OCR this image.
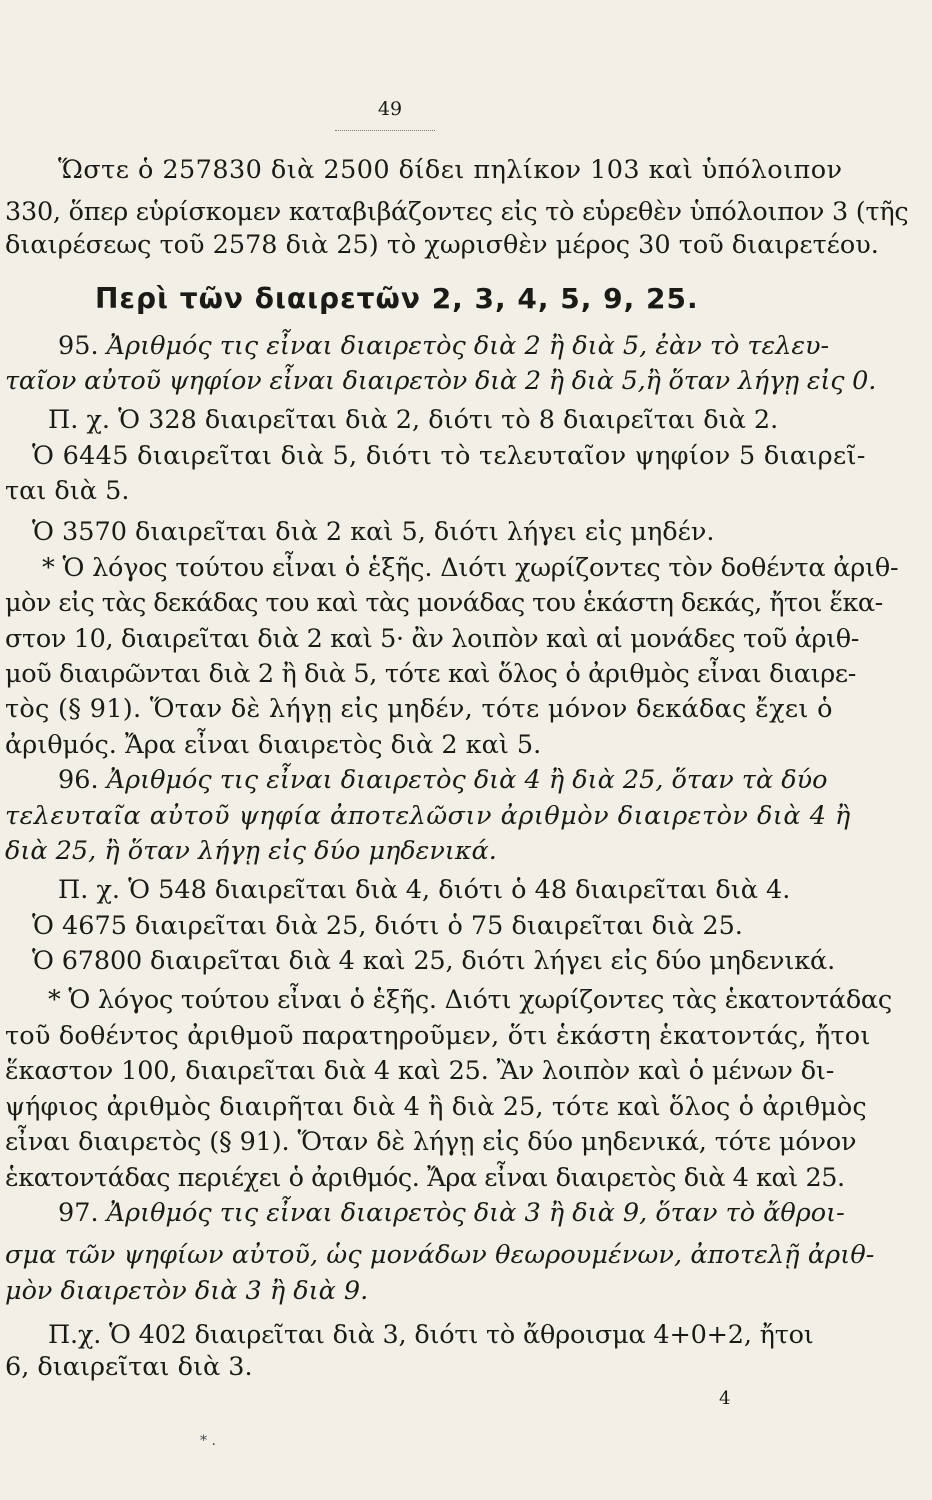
49
Ὥστε ὁ 257830 διὰ 2500 δίδει πηλίκον 103 καὶ ὑπόλοιπον
330, ὅπερ εὑρίσκομεν καταβιβάζοντες εἰς τὸ εὑρεθὲν ὑπόλοιπον 3 (τῆς
διαιρέσεως τοῦ 2578 διὰ 25) τὸ χωρισθὲν μέρος 30 τοῦ διαιρετέου.
Περὶ τῶν διαιρετῶν 2, 3, 4, 5, 9, 25.
95. Ἀριθμός τις εἶναι διαιρετὸς διὰ 2 ἢ διὰ 5, ἐὰν τὸ τελευ-
ταῖον αὐτοῦ ψηφίον εἶναι διαιρετὸν διὰ 2 ἢ διὰ 5,ἢ ὅταν λήγῃ εἰς 0.
Π. χ. Ὁ 328 διαιρεῖται διὰ 2, διότι τὸ 8 διαιρεῖται διὰ 2.
Ὁ 6445 διαιρεῖται διὰ 5, διότι τὸ τελευταῖον ψηφίον 5 διαιρεῖ-
ται διὰ 5.
Ὁ 3570 διαιρεῖται διὰ 2 καὶ 5, διότι λήγει εἰς μηδέν.
* Ὁ λόγος τούτου εἶναι ὁ ἑξῆς. Διότι χωρίζοντες τὸν δοθέντα ἀριθ-
μὸν εἰς τὰς δεκάδας του καὶ τὰς μονάδας του ἑκάστη δεκάς, ἤτοι ἕκα-
στον 10, διαιρεῖται διὰ 2 καὶ 5· ἂν λοιπὸν καὶ αἱ μονάδες τοῦ ἀριθ-
μοῦ διαιρῶνται διὰ 2 ἢ διὰ 5, τότε καὶ ὅλος ὁ ἀριθμὸς εἶναι διαιρε-
τὸς (§ 91). Ὅταν δὲ λήγῃ εἰς μηδέν, τότε μόνον δεκάδας ἔχει ὁ
ἀριθμός. Ἄρα εἶναι διαιρετὸς διὰ 2 καὶ 5.
96. Ἀριθμός τις εἶναι διαιρετὸς διὰ 4 ἢ διὰ 25, ὅταν τὰ δύο
τελευταῖα αὐτοῦ ψηφία ἀποτελῶσιν ἀριθμὸν διαιρετὸν διὰ 4 ἢ
διὰ 25, ἢ ὅταν λήγῃ εἰς δύο μηδενικά.
Π. χ. Ὁ 548 διαιρεῖται διὰ 4, διότι ὁ 48 διαιρεῖται διὰ 4.
Ὁ 4675 διαιρεῖται διὰ 25, διότι ὁ 75 διαιρεῖται διὰ 25.
Ὁ 67800 διαιρεῖται διὰ 4 καὶ 25, διότι λήγει εἰς δύο μηδενικά.
* Ὁ λόγος τούτου εἶναι ὁ ἑξῆς. Διότι χωρίζοντες τὰς ἑκατοντάδας
τοῦ δοθέντος ἀριθμοῦ παρατηροῦμεν, ὅτι ἑκάστη ἑκατοντάς, ἤτοι
ἕκαστον 100, διαιρεῖται διὰ 4 καὶ 25. Ἂν λοιπὸν καὶ ὁ μένων δι-
ψήφιος ἀριθμὸς διαιρῆται διὰ 4 ἢ διὰ 25, τότε καὶ ὅλος ὁ ἀριθμὸς
εἶναι διαιρετὸς (§ 91). Ὅταν δὲ λήγῃ εἰς δύο μηδενικά, τότε μόνον
ἑκατοντάδας περιέχει ὁ ἀριθμός. Ἄρα εἶναι διαιρετὸς διὰ 4 καὶ 25.
97. Ἀριθμός τις εἶναι διαιρετὸς διὰ 3 ἢ διὰ 9, ὅταν τὸ ἄθροι-
σμα τῶν ψηφίων αὐτοῦ, ὡς μονάδων θεωρουμένων, ἀποτελῇ ἀριθ-
μὸν διαιρετὸν διὰ 3 ἢ διὰ 9.
Π.χ. Ὁ 402 διαιρεῖται διὰ 3, διότι τὸ ἄθροισμα 4+0+2, ἤτοι
6, διαιρεῖται διὰ 3.
4
* .
